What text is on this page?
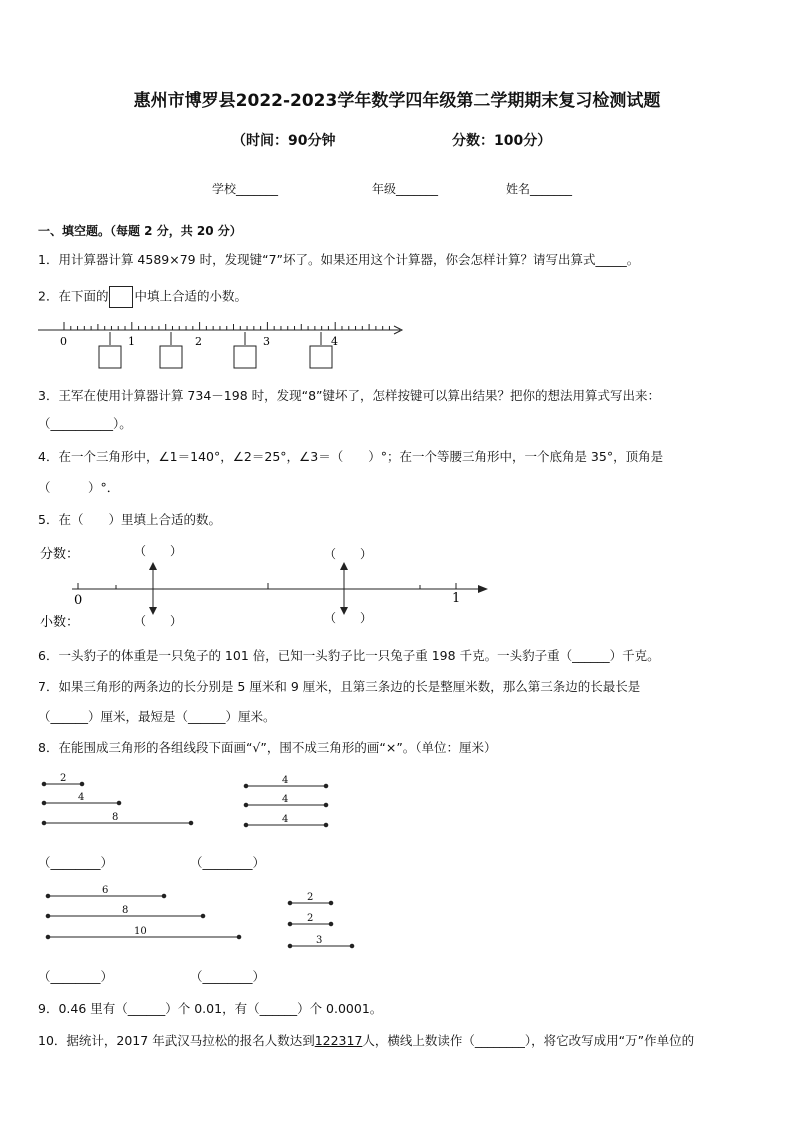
惠州市博罗县2022-2023学年数学四年级第二学期期末复习检测试题
（时间：90分钟	分数：100分）
学校_______	年级_______	姓名_______
一、填空题。（每题 2 分，共 20 分）
1．用计算器计算 4589×79 时，发现键“7”坏了。如果还用这个计算器，你会怎样计算？请写出算式_____。
2．在下面的 中填上合适的小数。
0	1	2	3	4
3．王军在使用计算器计算 734－198 时，发现“8”键坏了，怎样按键可以算出结果？把你的想法用算式写出来：
（__________）。
4．在一个三角形中，∠1＝140°，∠2＝25°，∠3＝（　　）°；在一个等腰三角形中，一个底角是 35°，顶角是
（　　　）°．
5．在（　　）里填上合适的数。
分数：
小数：
0	1
（　　）
（　　）
（　　）
（　　）
6．一头豹子的体重是一只兔子的 101 倍，已知一头豹子比一只兔子重 198 千克。一头豹子重（______）千克。
7．如果三角形的两条边的长分别是 5 厘米和 9 厘米，且第三条边的长是整厘米数，那么第三条边的长最长是
（______）厘米，最短是（______）厘米。
8．在能围成三角形的各组线段下面画“√”，围不成三角形的画“×”。（单位：厘米）
2
4
8
4
4
4
6
8
10
2
2
3
（________）	（________）
（________）	（________）
9．0.46 里有（______）个 0.01，有（______）个 0.0001。
10．据统计，2017 年武汉马拉松的报名人数达到122317人，横线上数读作（________），将它改写成用“万”作单位的
